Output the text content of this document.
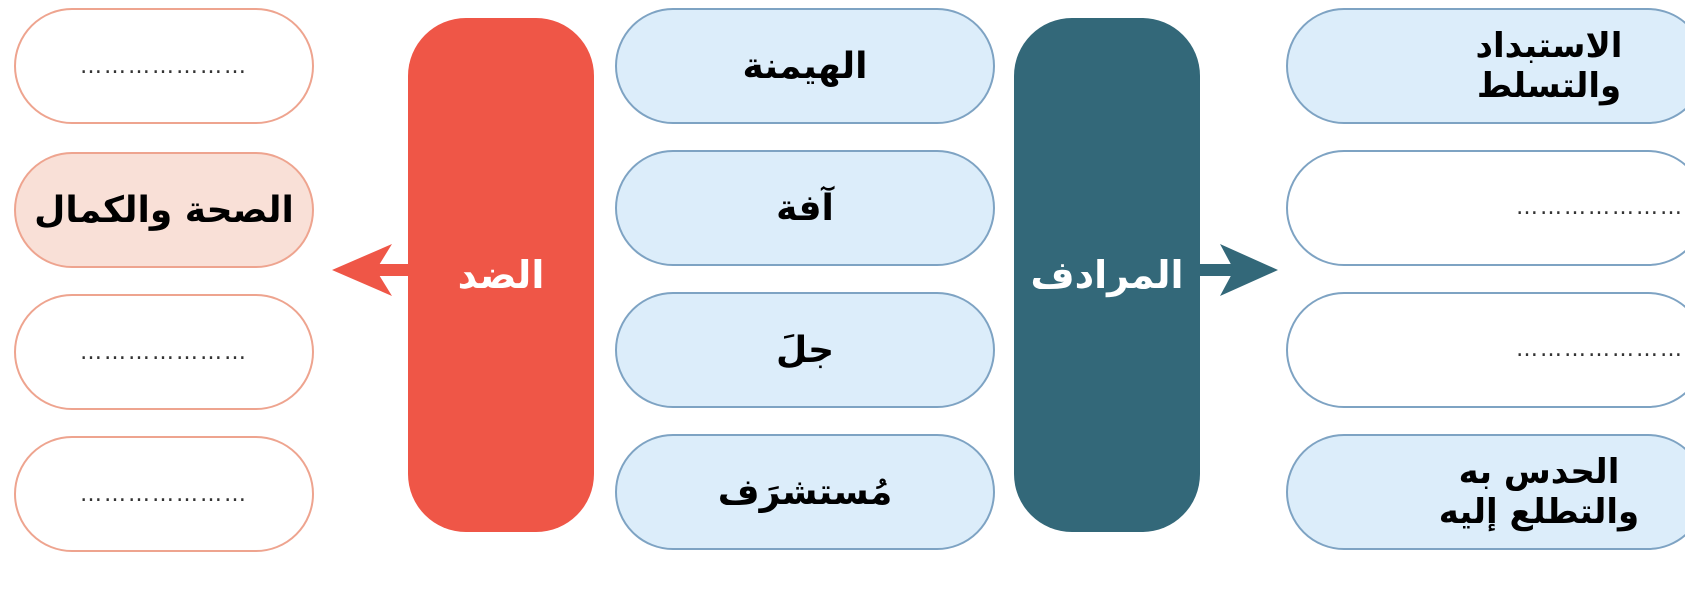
…………………
الصحة والكمال
…………………
…………………
الضد
الهيمنة
آفة
جلَ
مُستشرَف
المرادف
الاستبداد
والتسلط
…………………
…………………
الحدس به
والتطلع إليه
